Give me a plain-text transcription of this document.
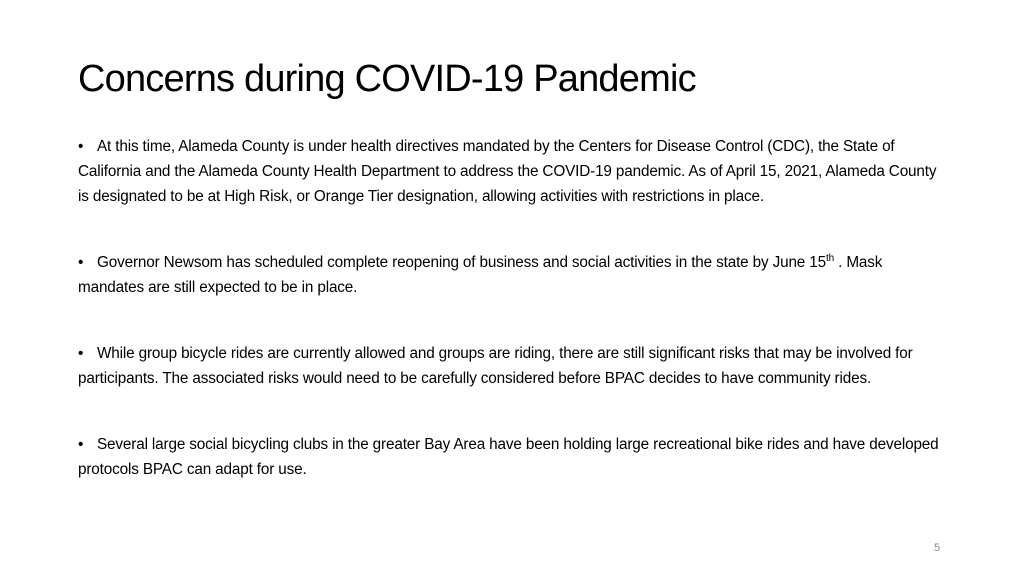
Concerns during COVID-19 Pandemic
• At this time, Alameda County is under health directives mandated by the Centers for Disease Control (CDC), the State of California and the Alameda County Health Department to address the COVID-19 pandemic. As of April 15, 2021, Alameda County is designated to be at High Risk, or Orange Tier designation, allowing activities with restrictions in place.
• Governor Newsom has scheduled complete reopening of business and social activities in the state by June 15th . Mask mandates are still expected to be in place.
• While group bicycle rides are currently allowed and groups are riding, there are still significant risks that may be involved for participants. The associated risks would need to be carefully considered before BPAC decides to have community rides.
• Several large social bicycling clubs in the greater Bay Area have been holding large recreational bike rides and have developed protocols BPAC can adapt for use.
5
